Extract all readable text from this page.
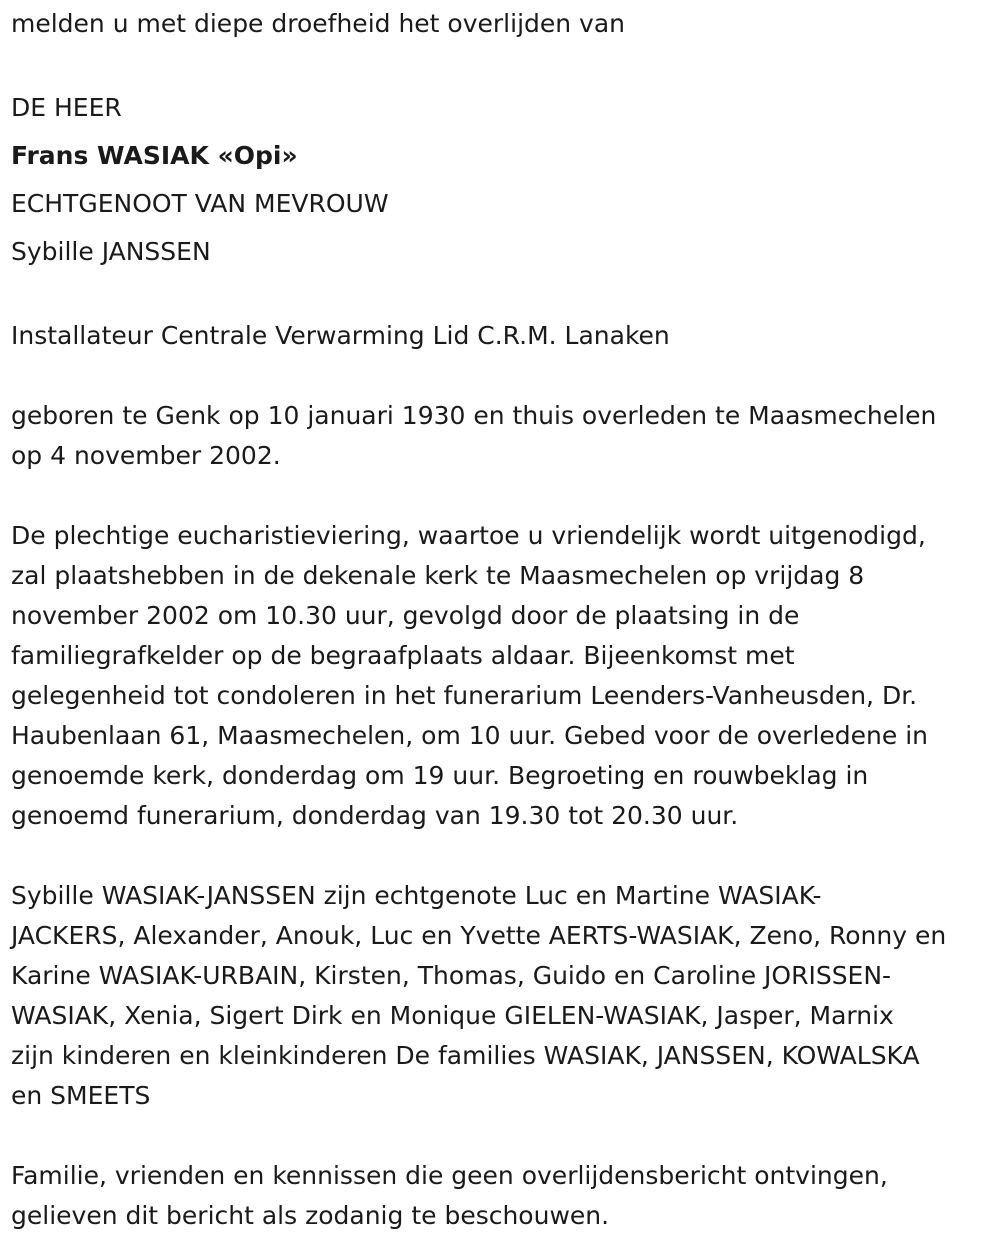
melden u met diepe droefheid het overlijden van

DE HEER

Frans WASIAK «Opi»

ECHTGENOOT VAN MEVROUW

Sybille JANSSEN

Installateur Centrale Verwarming Lid C.R.M. Lanaken

geboren te Genk op 10 januari 1930 en thuis overleden te Maasmechelen

op 4 november 2002.

De plechtige eucharistieviering, waartoe u vriendelijk wordt uitgenodigd,

zal plaatshebben in de dekenale kerk te Maasmechelen op vrijdag 8

november 2002 om 10.30 uur, gevolgd door de plaatsing in de

familiegrafkelder op de begraafplaats aldaar. Bijeenkomst met

gelegenheid tot condoleren in het funerarium Leenders-Vanheusden, Dr.

Haubenlaan 61, Maasmechelen, om 10 uur. Gebed voor de overledene in

genoemde kerk, donderdag om 19 uur. Begroeting en rouwbeklag in

genoemd funerarium, donderdag van 19.30 tot 20.30 uur.

Sybille WASIAK-JANSSEN zijn echtgenote Luc en Martine WASIAK-

JACKERS, Alexander, Anouk, Luc en Yvette AERTS-WASIAK, Zeno, Ronny en

Karine WASIAK-URBAIN, Kirsten, Thomas, Guido en Caroline JORISSEN-

WASIAK, Xenia, Sigert Dirk en Monique GIELEN-WASIAK, Jasper, Marnix

zijn kinderen en kleinkinderen De families WASIAK, JANSSEN, KOWALSKA

en SMEETS

Familie, vrienden en kennissen die geen overlijdensbericht ontvingen,

gelieven dit bericht als zodanig te beschouwen.
